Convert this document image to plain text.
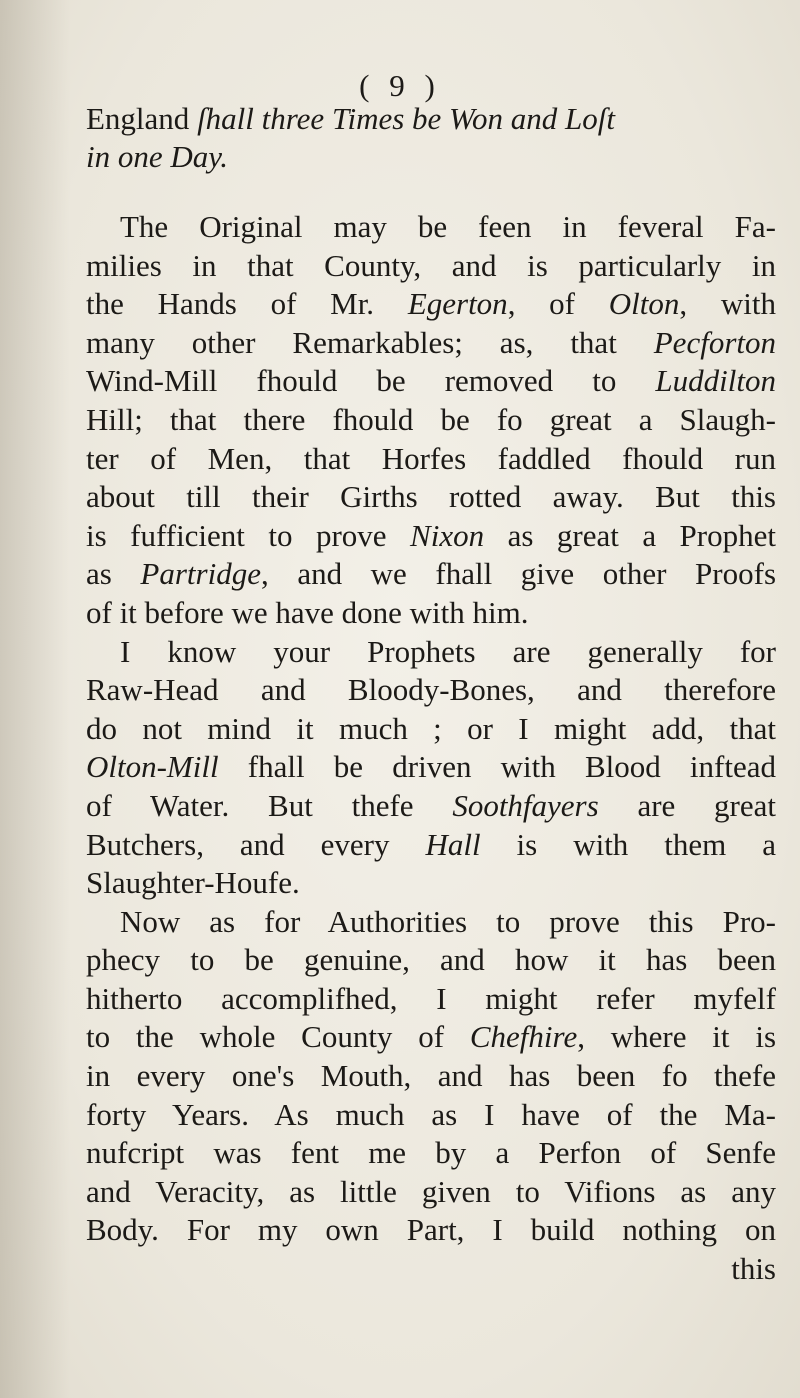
( 9 )
England ſhall three Times be Won and Loſt
in one Day.
The Original may be feen in feveral Fa-
milies in that County, and is particularly in
the Hands of Mr. Egerton, of Olton, with
many other Remarkables; as, that Pecforton
Wind-Mill fhould be removed to Luddilton
Hill; that there fhould be fo great a Slaugh-
ter of Men, that Horfes faddled fhould run
about till their Girths rotted away. But this
is fufficient to prove Nixon as great a Prophet
as Partridge, and we fhall give other Proofs
of it before we have done with him.
I know your Prophets are generally for
Raw-Head and Bloody-Bones, and therefore
do not mind it much ; or I might add, that
Olton-Mill fhall be driven with Blood inftead
of Water. But thefe Soothfayers are great
Butchers, and every Hall is with them a
Slaughter-Houfe.
Now as for Authorities to prove this Pro-
phecy to be genuine, and how it has been
hitherto accomplifhed, I might refer myfelf
to the whole County of Chefhire, where it is
in every one's Mouth, and has been fo thefe
forty Years. As much as I have of the Ma-
nufcript was fent me by a Perfon of Senfe
and Veracity, as little given to Vifions as any
Body. For my own Part, I build nothing on
this
